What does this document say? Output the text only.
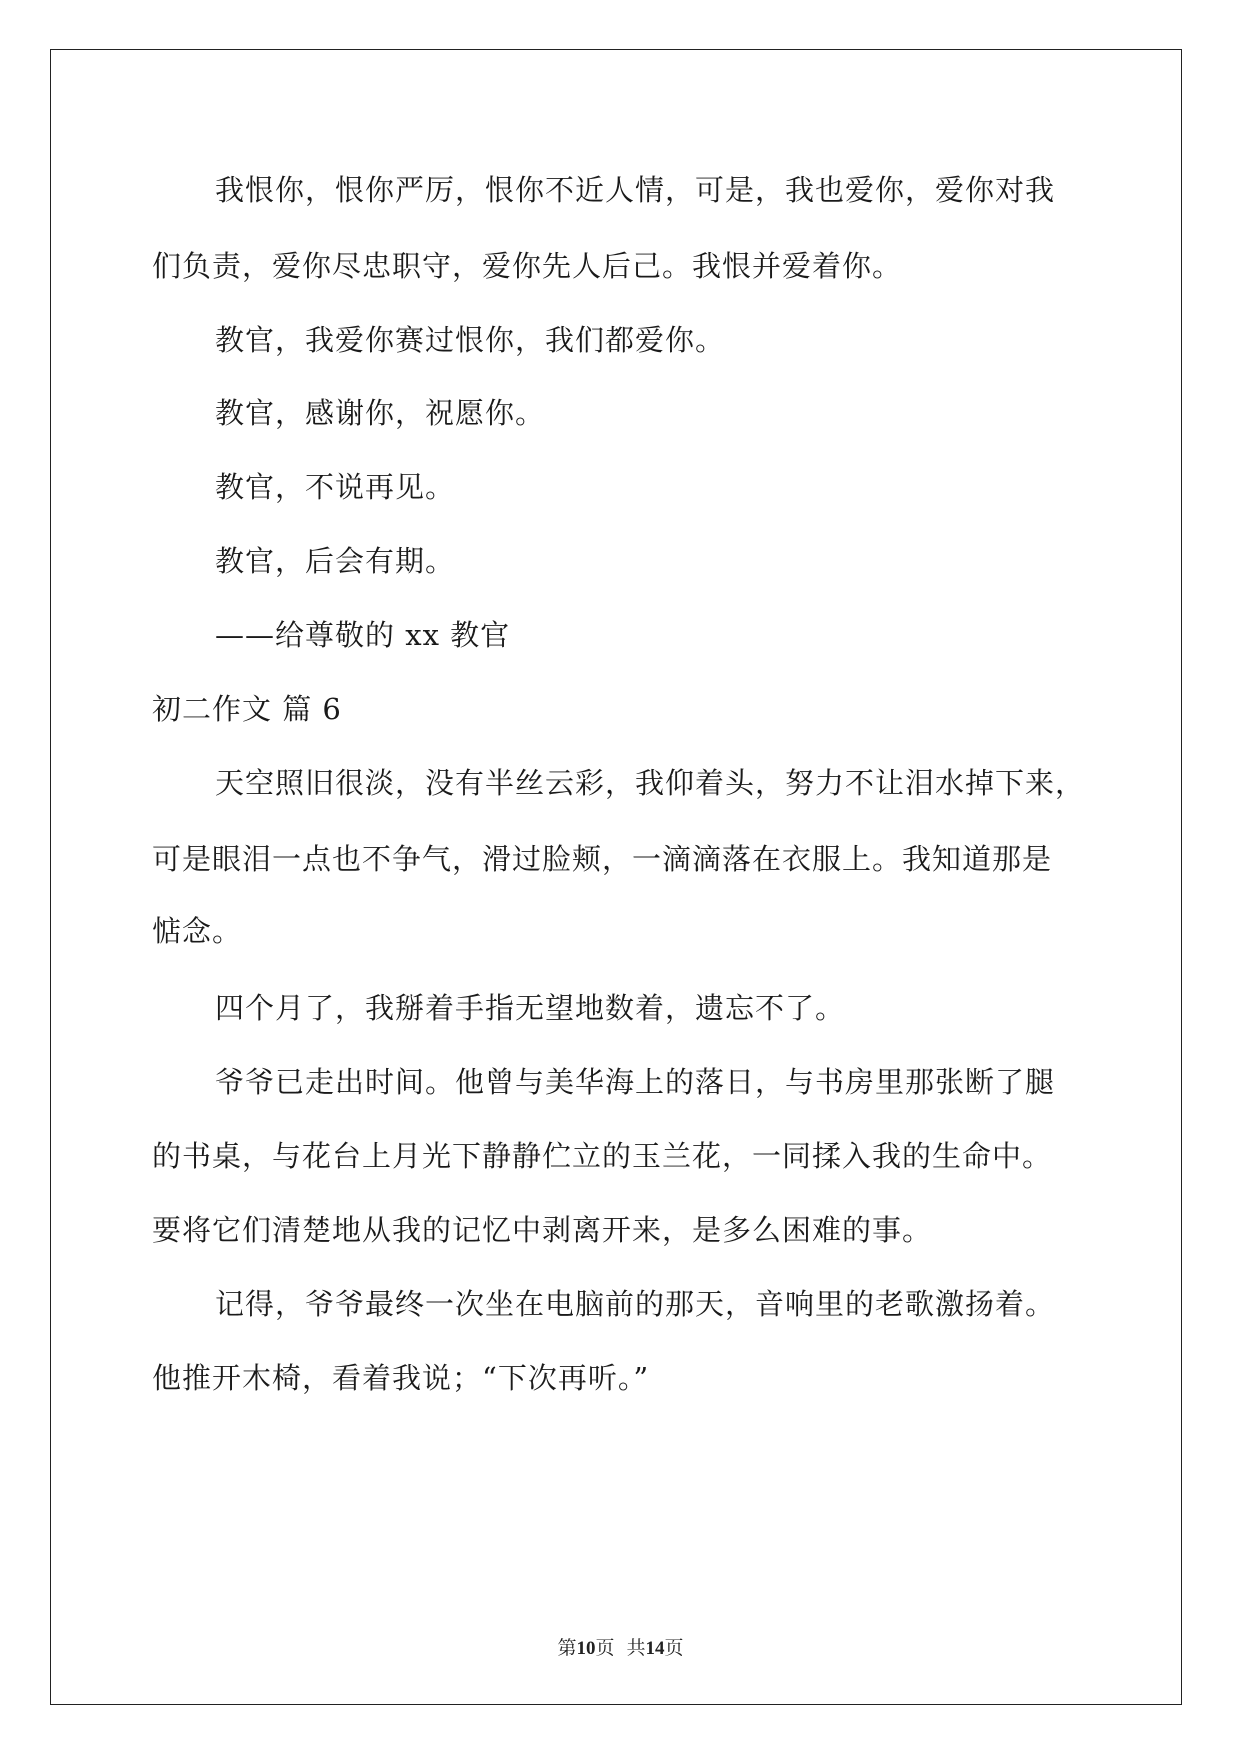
我恨你，恨你严厉，恨你不近人情，可是，我也爱你，爱你对我
们负责，爱你尽忠职守，爱你先人后己。我恨并爱着你。
教官，我爱你赛过恨你，我们都爱你。
教官，感谢你，祝愿你。
教官，不说再见。
教官，后会有期。
——给尊敬的 xx 教官
初二作文 篇 6
天空照旧很淡，没有半丝云彩，我仰着头，努力不让泪水掉下来，
可是眼泪一点也不争气，滑过脸颊，一滴滴落在衣服上。我知道那是
惦念。
四个月了，我掰着手指无望地数着，遗忘不了。
爷爷已走出时间。他曾与美华海上的落日，与书房里那张断了腿
的书桌，与花台上月光下静静伫立的玉兰花，一同揉入我的生命中。
要将它们清楚地从我的记忆中剥离开来，是多么困难的事。
记得，爷爷最终一次坐在电脑前的那天，音响里的老歌激扬着。
他推开木椅，看着我说；“下次再听。”
第10页  共14页
